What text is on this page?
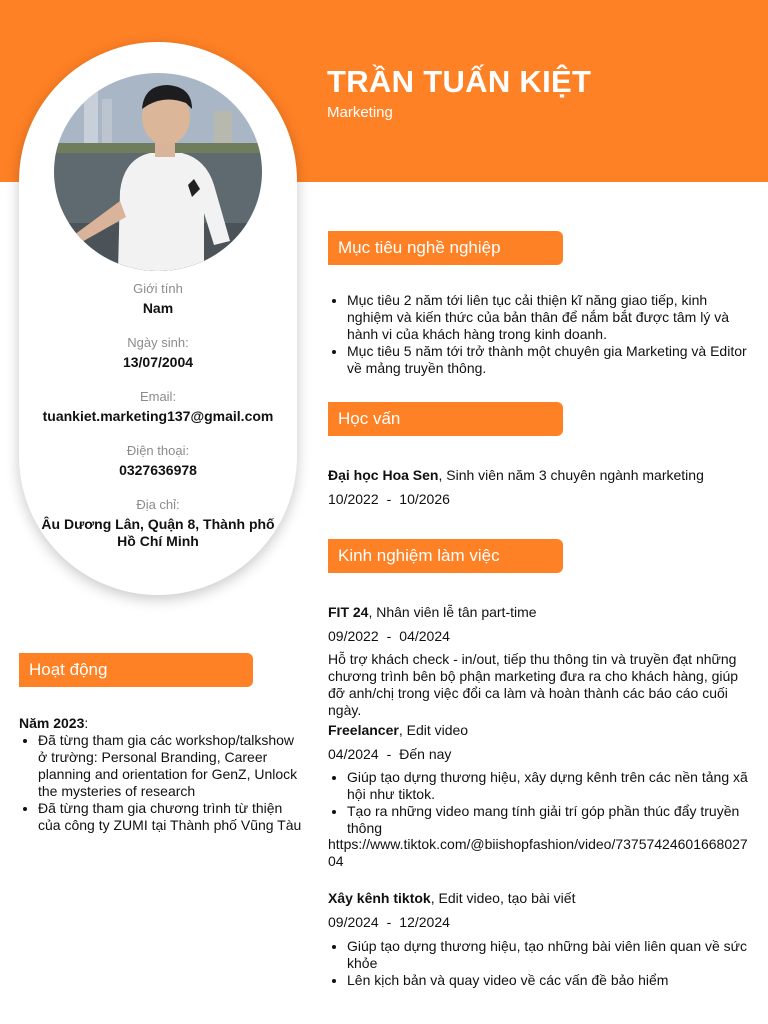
TRẦN TUẤN KIỆT
Marketing
Giới tính
Nam
Ngày sinh:
13/07/2004
Email:
tuankiet.marketing137@gmail.com
Điện thoại:
0327636978
Địa chỉ:
Âu Dương Lân, Quận 8, Thành phố Hồ Chí Minh
Hoạt động
Năm 2023:
• Đã từng tham gia các workshop/talkshow ở trường: Personal Branding, Career planning and orientation for GenZ, Unlock the mysteries of research
• Đã từng tham gia chương trình từ thiện của công ty ZUMI tại Thành phố Vũng Tàu
Mục tiêu nghề nghiệp
• Mục tiêu 2 năm tới liên tục cải thiện kĩ năng giao tiếp, kinh nghiệm và kiến thức của bản thân để nắm bắt được tâm lý và hành vi của khách hàng trong kinh doanh.
• Mục tiêu 5 năm tới trở thành một chuyên gia Marketing và Editor về mảng truyền thông.
Học vấn
Đại học Hoa Sen, Sinh viên năm 3 chuyên ngành marketing
10/2022 - 10/2026
Kinh nghiệm làm việc
FIT 24, Nhân viên lễ tân part-time
09/2022 - 04/2024
Hỗ trợ khách check - in/out, tiếp thu thông tin và truyền đạt những chương trình bên bộ phận marketing đưa ra cho khách hàng, giúp đỡ anh/chị trong việc đổi ca làm và hoàn thành các báo cáo cuối ngày.
Freelancer, Edit video
04/2024 - Đến nay
• Giúp tạo dựng thương hiệu, xây dựng kênh trên các nền tảng xã hội như tiktok.
• Tạo ra những video mang tính giải trí góp phần thúc đẩy truyền thông
https://www.tiktok.com/@biishopfashion/video/7375742460166802704
Xây kênh tiktok, Edit video, tạo bài viết
09/2024 - 12/2024
• Giúp tạo dựng thương hiệu, tạo những bài viên liên quan về sức khỏe
• Lên kịch bản và quay video về các vấn đề bảo hiểm
